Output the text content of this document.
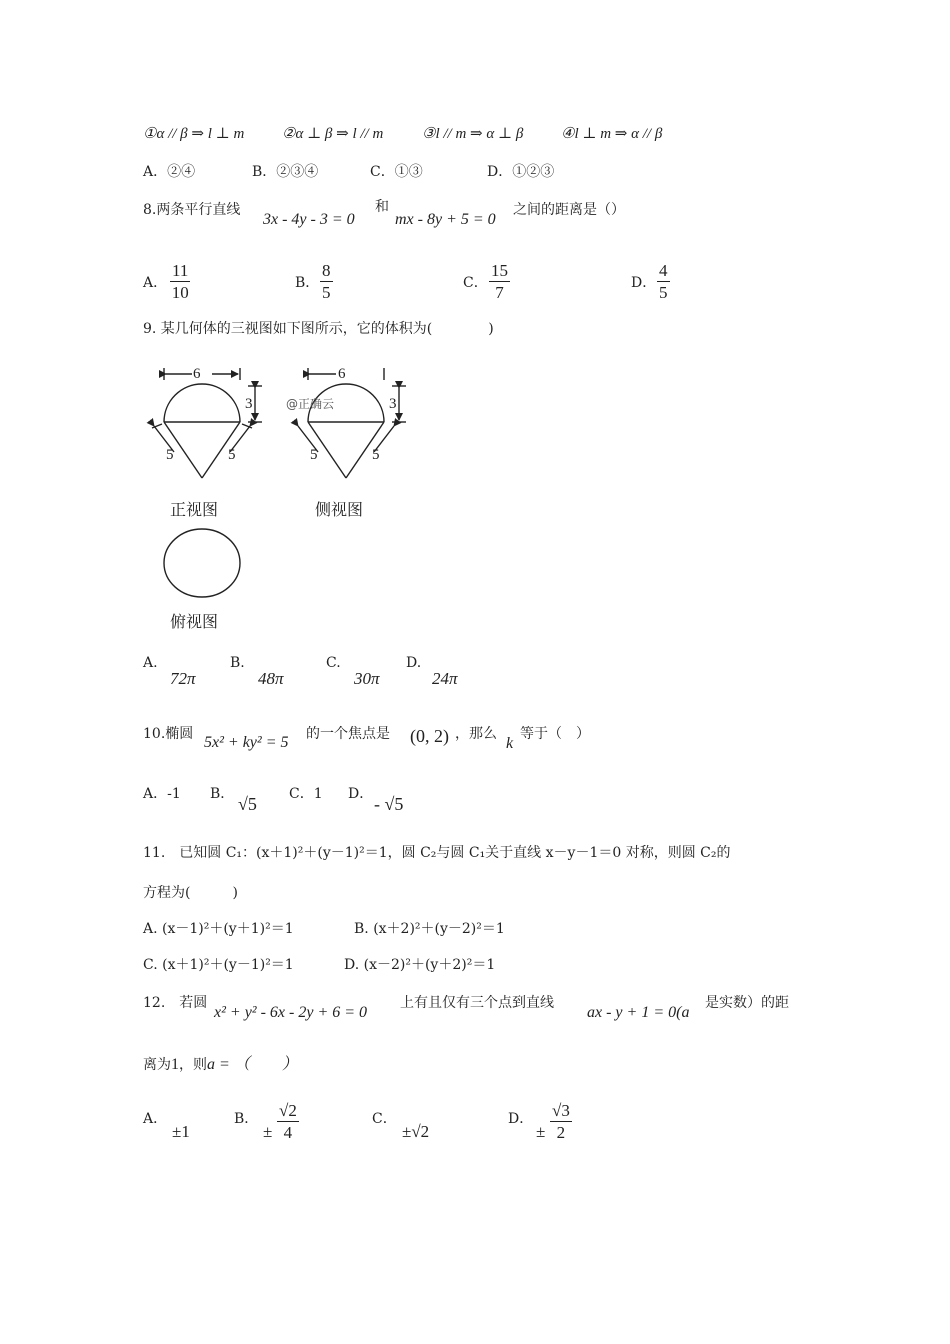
①α // β ⇒ l ⊥ m	②α ⊥ β ⇒ l // m	③l // m ⇒ α ⊥ β	④l ⊥ m ⇒ α // β
A．②④	B．②③④	C．①③	D．①②③
8.两条平行直线
3x - 4y - 3 = 0
和
mx - 8y + 5 = 0
之间的距离是（）
A．
11
10	B．
8
5	C．
15
7	D．
4
5
9. 某几何体的三视图如下图所示，它的体积为(　　　　)
6
3
5	5
6
3
5	5
@正确云
正视图	侧视图
俯视图
A.
72π
B.
48π
C.
30π
D.
24π
10.椭圆 5x² + ky² = 5 的一个焦点是 (0, 2) ，那么
k
等于（　）
A．-1 B． √5 C．1 D． - √5
11.　已知圆 C₁：(x＋1)²＋(y－1)²＝1，圆 C₂与圆 C₁关于直线 x－y－1＝0 对称，则圆 C₂的
方程为(　　　)
A. (x－1)²＋(y＋1)²＝1	B. (x＋2)²＋(y－2)²＝1
C. (x＋1)²＋(y－1)²＝1	D. (x－2)²＋(y＋2)²＝1
12.　若圆
x² + y² - 6x - 2y + 6 = 0
上有且仅有三个点到直线
ax - y + 1 = 0(a
是实数）的距
离为1，则a = （　　）
A．
±1
B．
±
√2
4
C．
±√2
D．
±
√3
2
